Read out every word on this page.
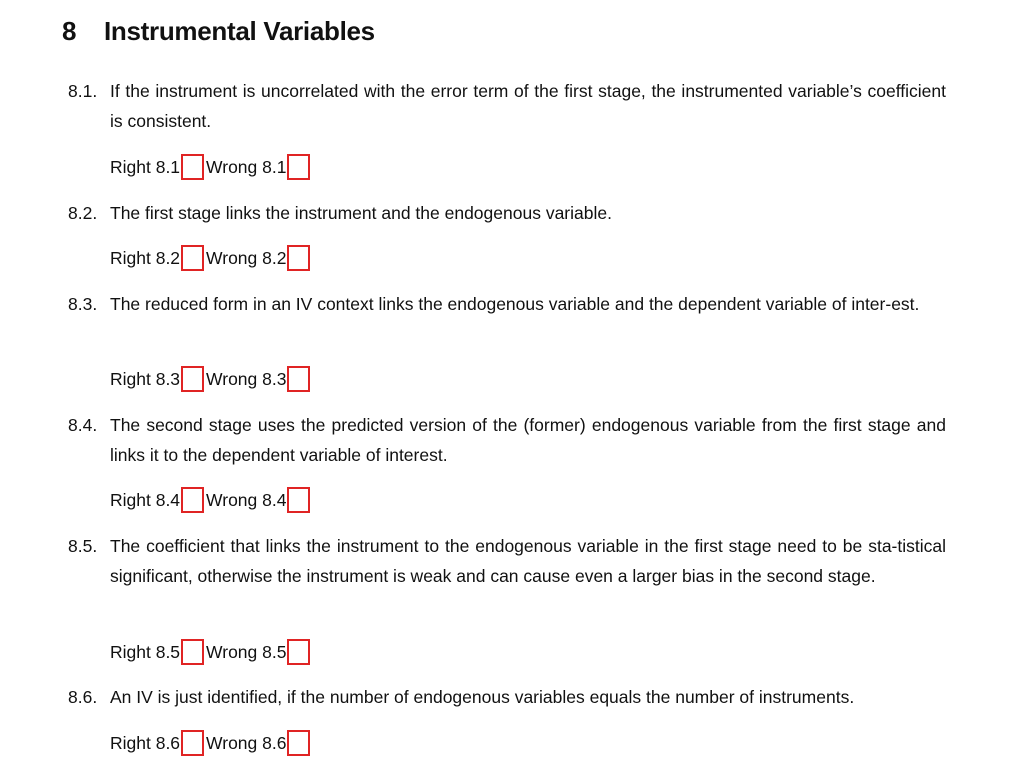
8	Instrumental Variables
8.1. If the instrument is uncorrelated with the error term of the first stage, the instrumented variable’s coefficient is consistent.
Right 8.1 Wrong 8.1
8.2. The first stage links the instrument and the endogenous variable.
Right 8.2 Wrong 8.2
8.3. The reduced form in an IV context links the endogenous variable and the dependent variable of inter-est.
Right 8.3 Wrong 8.3
8.4. The second stage uses the predicted version of the (former) endogenous variable from the first stage and links it to the dependent variable of interest.
Right 8.4 Wrong 8.4
8.5. The coefficient that links the instrument to the endogenous variable in the first stage need to be sta-tistical significant, otherwise the instrument is weak and can cause even a larger bias in the second stage.
Right 8.5 Wrong 8.5
8.6. An IV is just identified, if the number of endogenous variables equals the number of instruments.
Right 8.6 Wrong 8.6
